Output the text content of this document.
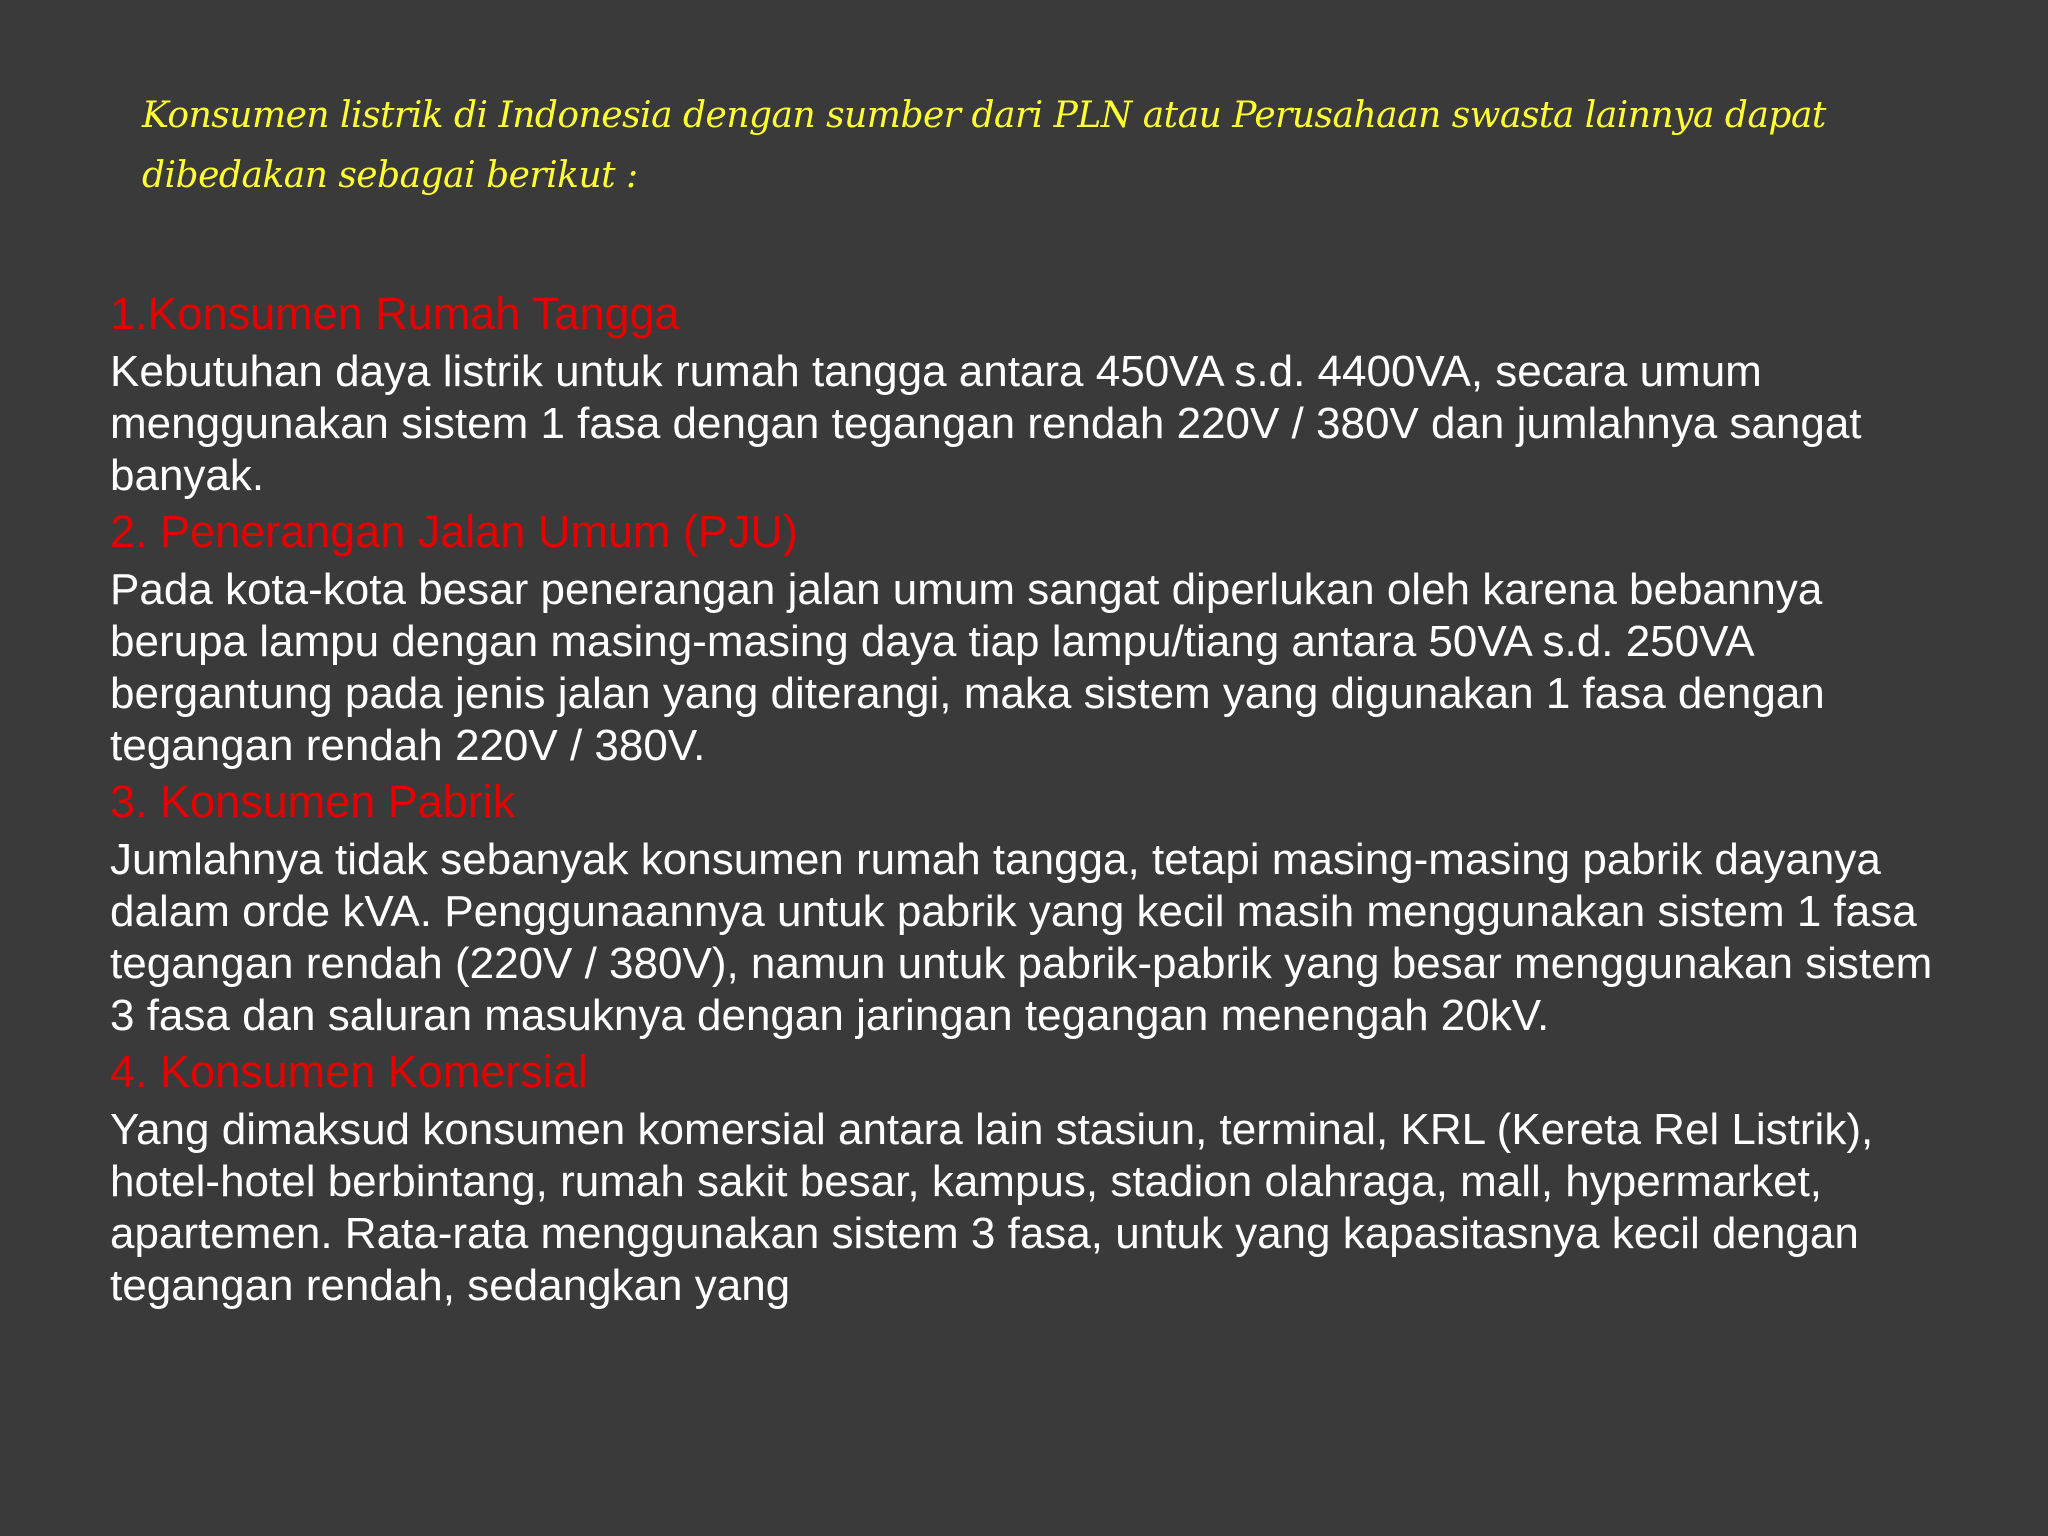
Konsumen listrik di Indonesia dengan sumber dari PLN atau Perusahaan swasta lainnya dapat dibedakan sebagai berikut :

1.Konsumen Rumah Tangga

Kebutuhan daya listrik untuk rumah tangga antara 450VA s.d. 4400VA, secara umum menggunakan sistem 1 fasa dengan tegangan rendah 220V / 380V dan jumlahnya sangat banyak.

2. Penerangan Jalan Umum (PJU)

Pada kota-kota besar penerangan jalan umum sangat diperlukan oleh karena bebannya berupa lampu dengan masing-masing daya tiap lampu/tiang antara 50VA s.d. 250VA bergantung pada jenis jalan yang diterangi, maka sistem yang digunakan 1 fasa dengan tegangan rendah 220V / 380V.

3. Konsumen Pabrik

Jumlahnya tidak sebanyak konsumen rumah tangga, tetapi masing-masing pabrik dayanya dalam orde kVA. Penggunaannya untuk pabrik yang kecil masih menggunakan sistem 1 fasa tegangan rendah (220V / 380V), namun untuk pabrik-pabrik yang besar menggunakan sistem 3 fasa dan saluran masuknya dengan jaringan tegangan menengah 20kV.

4. Konsumen Komersial

Yang dimaksud konsumen komersial antara lain stasiun, terminal, KRL (Kereta Rel Listrik), hotel-hotel berbintang, rumah sakit besar, kampus, stadion olahraga, mall, hypermarket, apartemen. Rata-rata menggunakan sistem 3 fasa, untuk yang kapasitasnya kecil dengan tegangan rendah, sedangkan yang
